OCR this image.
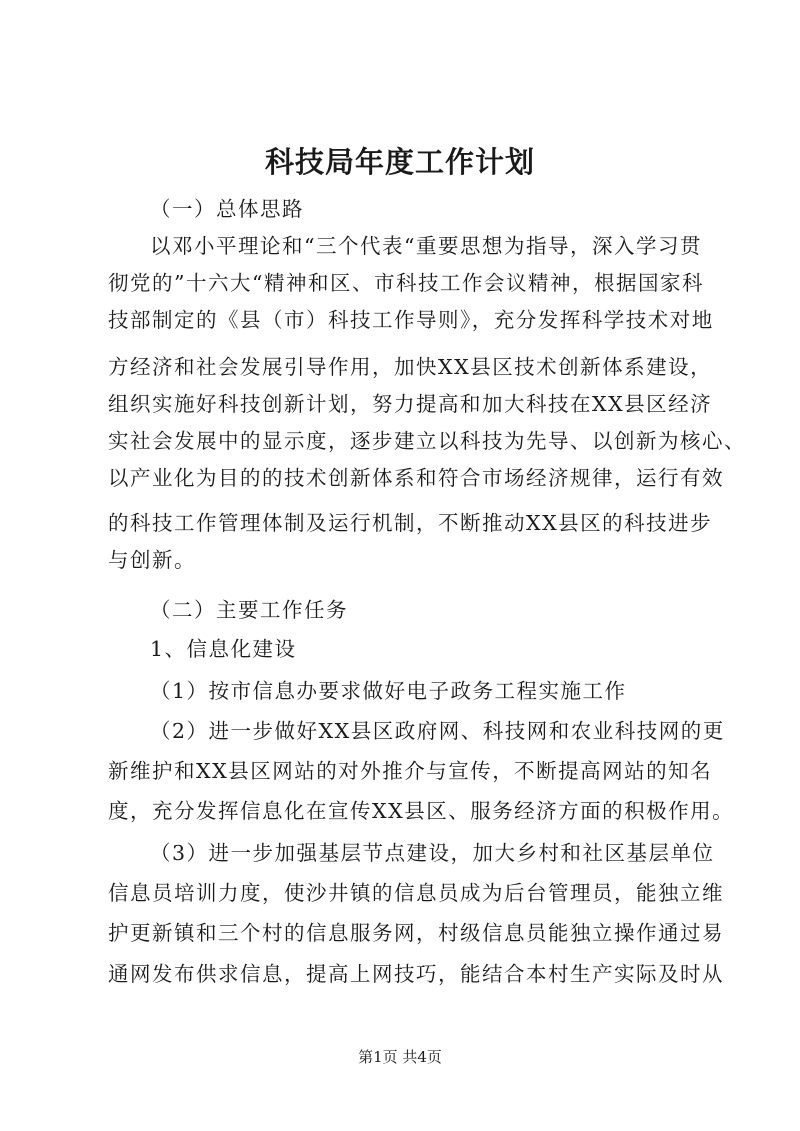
科技局年度工作计划
（一）总体思路
以邓小平理论和“三个代表“重要思想为指导，深入学习贯
彻党的”十六大“精神和区、市科技工作会议精神，根据国家科
技部制定的《县（市）科技工作导则》，充分发挥科学技术对地
方经济和社会发展引导作用，加快XX县区技术创新体系建设，
组织实施好科技创新计划，努力提高和加大科技在XX县区经济
实社会发展中的显示度，逐步建立以科技为先导、以创新为核心、
以产业化为目的的技术创新体系和符合市场经济规律，运行有效
的科技工作管理体制及运行机制，不断推动XX县区的科技进步
与创新。
（二）主要工作任务
1、信息化建设
（1）按市信息办要求做好电子政务工程实施工作
（2）进一步做好XX县区政府网、科技网和农业科技网的更
新维护和XX县区网站的对外推介与宣传，不断提高网站的知名
度，充分发挥信息化在宣传XX县区、服务经济方面的积极作用。
（3）进一步加强基层节点建设，加大乡村和社区基层单位
信息员培训力度，使沙井镇的信息员成为后台管理员，能独立维
护更新镇和三个村的信息服务网，村级信息员能独立操作通过易
通网发布供求信息，提高上网技巧，能结合本村生产实际及时从
第1页 共4页
